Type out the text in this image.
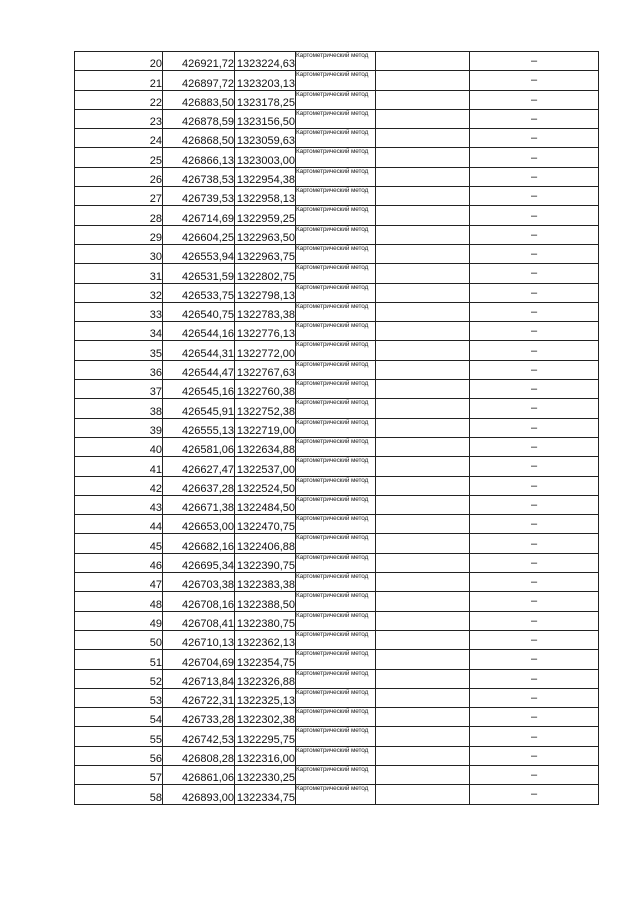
20	426921,72	1323224,63	Картометрический метод		–
21	426897,72	1323203,13	Картометрический метод		–
22	426883,50	1323178,25	Картометрический метод		–
23	426878,59	1323156,50	Картометрический метод		–
24	426868,50	1323059,63	Картометрический метод		–
25	426866,13	1323003,00	Картометрический метод		–
26	426738,53	1322954,38	Картометрический метод		–
27	426739,53	1322958,13	Картометрический метод		–
28	426714,69	1322959,25	Картометрический метод		–
29	426604,25	1322963,50	Картометрический метод		–
30	426553,94	1322963,75	Картометрический метод		–
31	426531,59	1322802,75	Картометрический метод		–
32	426533,75	1322798,13	Картометрический метод		–
33	426540,75	1322783,38	Картометрический метод		–
34	426544,16	1322776,13	Картометрический метод		–
35	426544,31	1322772,00	Картометрический метод		–
36	426544,47	1322767,63	Картометрический метод		–
37	426545,16	1322760,38	Картометрический метод		–
38	426545,91	1322752,38	Картометрический метод		–
39	426555,13	1322719,00	Картометрический метод		–
40	426581,06	1322634,88	Картометрический метод		–
41	426627,47	1322537,00	Картометрический метод		–
42	426637,28	1322524,50	Картометрический метод		–
43	426671,38	1322484,50	Картометрический метод		–
44	426653,00	1322470,75	Картометрический метод		–
45	426682,16	1322406,88	Картометрический метод		–
46	426695,34	1322390,75	Картометрический метод		–
47	426703,38	1322383,38	Картометрический метод		–
48	426708,16	1322388,50	Картометрический метод		–
49	426708,41	1322380,75	Картометрический метод		–
50	426710,13	1322362,13	Картометрический метод		–
51	426704,69	1322354,75	Картометрический метод		–
52	426713,84	1322326,88	Картометрический метод		–
53	426722,31	1322325,13	Картометрический метод		–
54	426733,28	1322302,38	Картометрический метод		–
55	426742,53	1322295,75	Картометрический метод		–
56	426808,28	1322316,00	Картометрический метод		–
57	426861,06	1322330,25	Картометрический метод		–
58	426893,00	1322334,75	Картометрический метод		–
